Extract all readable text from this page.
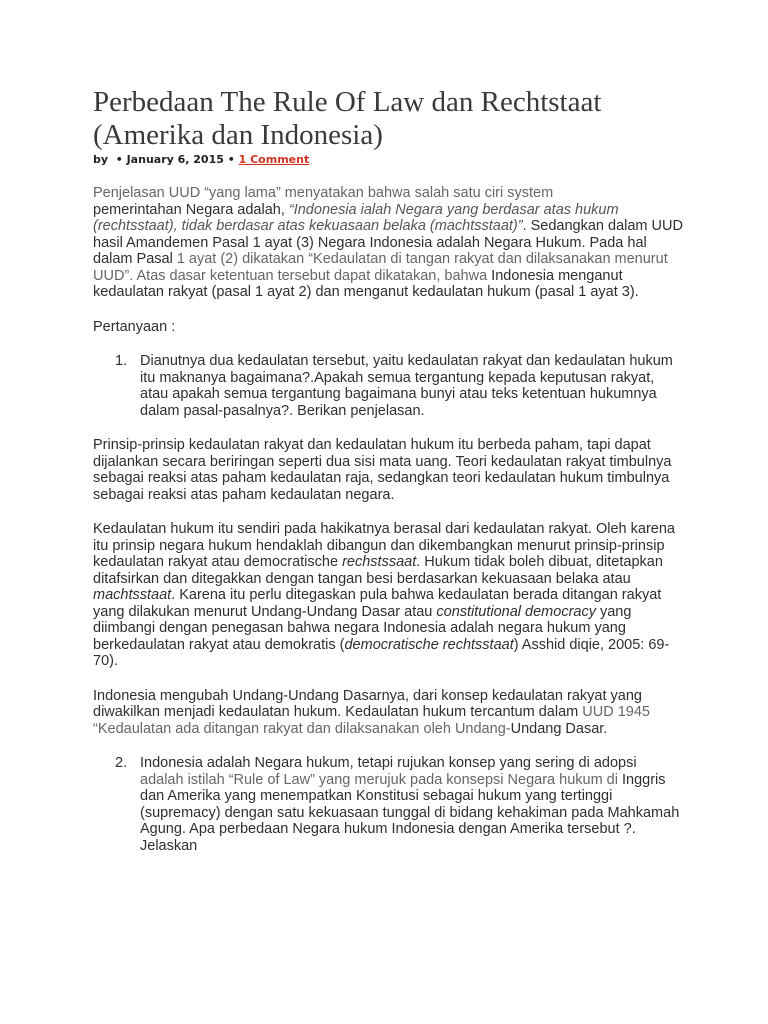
Perbedaan The Rule Of Law dan Rechtstaat (Amerika dan Indonesia)
by • January 6, 2015 • 1 Comment

Penjelasan UUD “yang lama” menyatakan bahwa salah satu ciri system
pemerintahan Negara adalah, “Indonesia ialah Negara yang berdasar atas hukum (rechtsstaat), tidak berdasar atas kekuasaan belaka (machtsstaat)”. Sedangkan dalam UUD hasil Amandemen Pasal 1 ayat (3) Negara Indonesia adalah Negara Hukum. Pada hal dalam Pasal 1 ayat (2) dikatakan “Kedaulatan di tangan rakyat dan dilaksanakan menurut UUD”. Atas dasar ketentuan tersebut dapat dikatakan, bahwa Indonesia menganut kedaulatan rakyat (pasal 1 ayat 2) dan menganut kedaulatan hukum (pasal 1 ayat 3).

Pertanyaan :

1. Dianutnya dua kedaulatan tersebut, yaitu kedaulatan rakyat dan kedaulatan hukum itu maknanya bagaimana?.Apakah semua tergantung kepada keputusan rakyat, atau apakah semua tergantung bagaimana bunyi atau teks ketentuan hukumnya dalam pasal-pasalnya?. Berikan penjelasan.

Prinsip-prinsip kedaulatan rakyat dan kedaulatan hukum itu berbeda paham, tapi dapat dijalankan secara beriringan seperti dua sisi mata uang. Teori kedaulatan rakyat timbulnya sebagai reaksi atas paham kedaulatan raja, sedangkan teori kedaulatan hukum timbulnya sebagai reaksi atas paham kedaulatan negara.

Kedaulatan hukum itu sendiri pada hakikatnya berasal dari kedaulatan rakyat. Oleh karena itu prinsip negara hukum hendaklah dibangun dan dikembangkan menurut prinsip-prinsip kedaulatan rakyat atau democratische rechstssaat. Hukum tidak boleh dibuat, ditetapkan ditafsirkan dan ditegakkan dengan tangan besi berdasarkan kekuasaan belaka atau machtsstaat. Karena itu perlu ditegaskan pula bahwa kedaulatan berada ditangan rakyat yang dilakukan menurut Undang-Undang Dasar atau constitutional democracy yang diimbangi dengan penegasan bahwa negara Indonesia adalah negara hukum yang berkedaulatan rakyat atau demokratis (democratische rechtsstaat) Asshid diqie, 2005: 69-70).

Indonesia mengubah Undang-Undang Dasarnya, dari konsep kedaulatan rakyat yang diwakilkan menjadi kedaulatan hukum. Kedaulatan hukum tercantum dalam UUD 1945 “Kedaulatan ada ditangan rakyat dan dilaksanakan oleh Undang-Undang Dasar.

2. Indonesia adalah Negara hukum, tetapi rujukan konsep yang sering di adopsi adalah istilah “Rule of Law” yang merujuk pada konsepsi Negara hukum di Inggris dan Amerika yang menempatkan Konstitusi sebagai hukum yang tertinggi (supremacy) dengan satu kekuasaan tunggal di bidang kehakiman pada Mahkamah Agung. Apa perbedaan Negara hukum Indonesia dengan Amerika tersebut ?. Jelaskan
